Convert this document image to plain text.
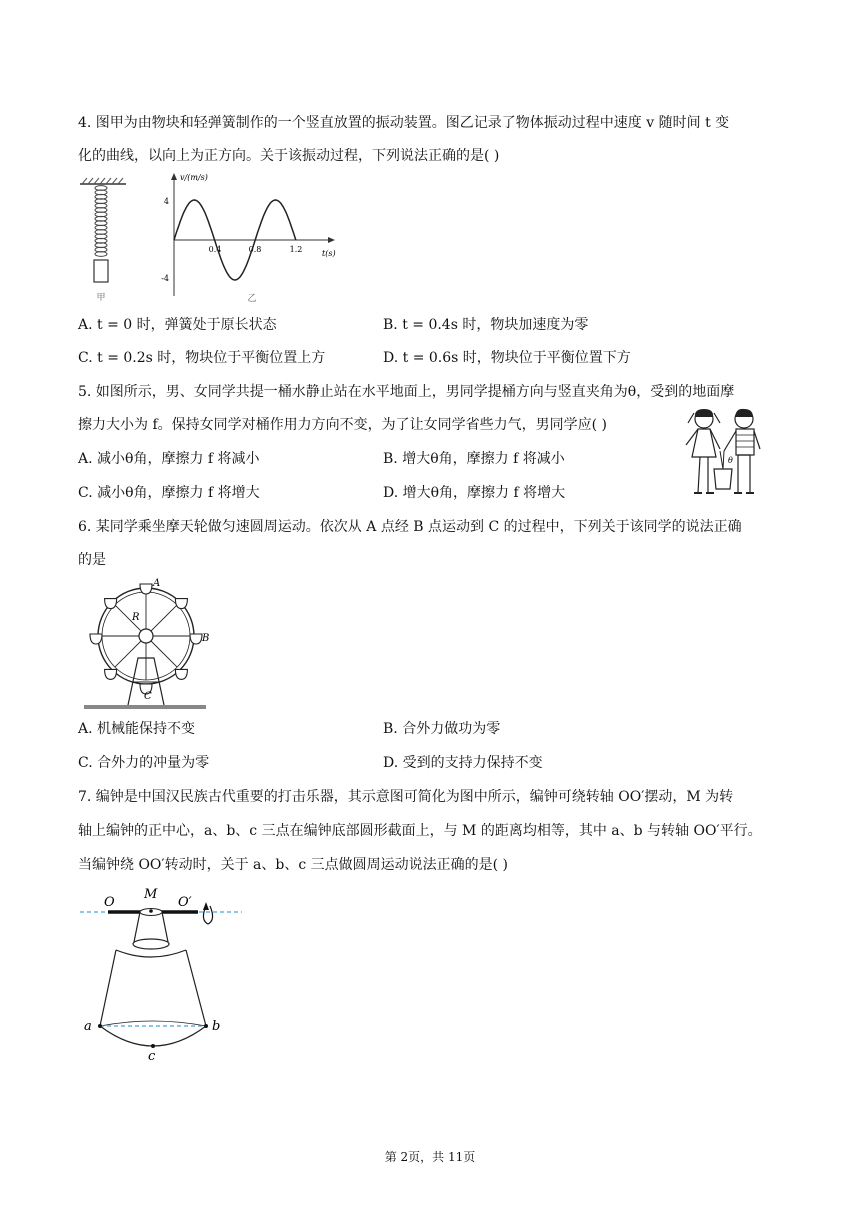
4. 图甲为由物块和轻弹簧制作的一个竖直放置的振动装置。图乙记录了物体振动过程中速度 v 随时间 t 变
化的曲线，以向上为正方向。关于该振动过程，下列说法正确的是( )
甲
v/(m/s)
t(s)
0.4	0.8	1.2
4
-4
乙
A. t = 0 时，弹簧处于原长状态	B. t = 0.4s 时，物块加速度为零
C. t = 0.2s 时，物块位于平衡位置上方	D. t = 0.6s 时，物块位于平衡位置下方
5. 如图所示，男、女同学共提一桶水静止站在水平地面上，男同学提桶方向与竖直夹角为θ，受到的地面摩
擦力大小为 f。保持女同学对桶作用力方向不变，为了让女同学省些力气，男同学应( )
A. 减小θ角，摩擦力 f 将减小	B. 增大θ角，摩擦力 f 将减小
C. 减小θ角，摩擦力 f 将增大	D. 增大θ角，摩擦力 f 将增大
θ
6. 某同学乘坐摩天轮做匀速圆周运动。依次从 A 点经 B 点运动到 C 的过程中，下列关于该同学的说法正确
的是
A
B
C
R
A. 机械能保持不变	B. 合外力做功为零
C. 合外力的冲量为零	D. 受到的支持力保持不变
7. 编钟是中国汉民族古代重要的打击乐器，其示意图可简化为图中所示，编钟可绕转轴 OO′摆动，M 为转
轴上编钟的正中心，a、b、c 三点在编钟底部圆形截面上，与 M 的距离均相等，其中 a、b 与转轴 OO′平行。
当编钟绕 OO′转动时，关于 a、b、c 三点做圆周运动说法正确的是( )
O	O′
M
a	b
c
第 2页，共 11页
